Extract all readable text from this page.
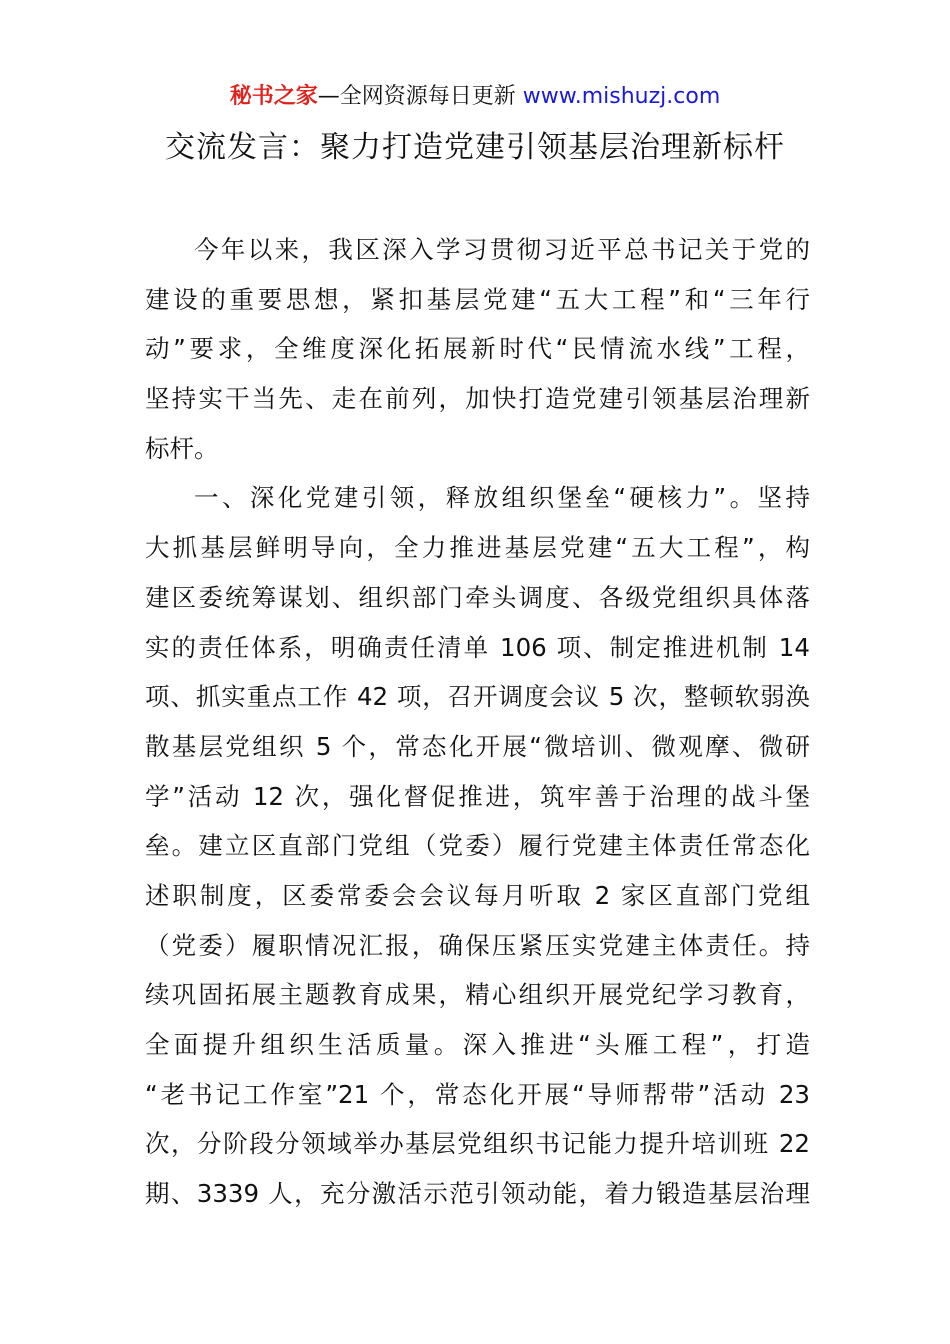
秘书之家—全网资源每日更新 www.mishuzj.com
交流发言：聚力打造党建引领基层治理新标杆
今年以来，我区深入学习贯彻习近平总书记关于党的
建设的重要思想，紧扣基层党建“五大工程”和“三年行
动”要求，全维度深化拓展新时代“民情流水线”工程，
坚持实干当先、走在前列，加快打造党建引领基层治理新
标杆。
一、深化党建引领，释放组织堡垒“硬核力”。坚持
大抓基层鲜明导向，全力推进基层党建“五大工程”，构
建区委统筹谋划、组织部门牵头调度、各级党组织具体落
实的责任体系，明确责任清单 106 项、制定推进机制 14
项、抓实重点工作 42 项，召开调度会议 5 次，整顿软弱涣
散基层党组织 5 个，常态化开展“微培训、微观摩、微研
学”活动 12 次，强化督促推进，筑牢善于治理的战斗堡
垒。建立区直部门党组（党委）履行党建主体责任常态化
述职制度，区委常委会会议每月听取 2 家区直部门党组
（党委）履职情况汇报，确保压紧压实党建主体责任。持
续巩固拓展主题教育成果，精心组织开展党纪学习教育，
全面提升组织生活质量。深入推进“头雁工程”，打造
“老书记工作室”21 个，常态化开展“导师帮带”活动 23
次，分阶段分领域举办基层党组织书记能力提升培训班 22
期、3339 人，充分激活示范引领动能，着力锻造基层治理
